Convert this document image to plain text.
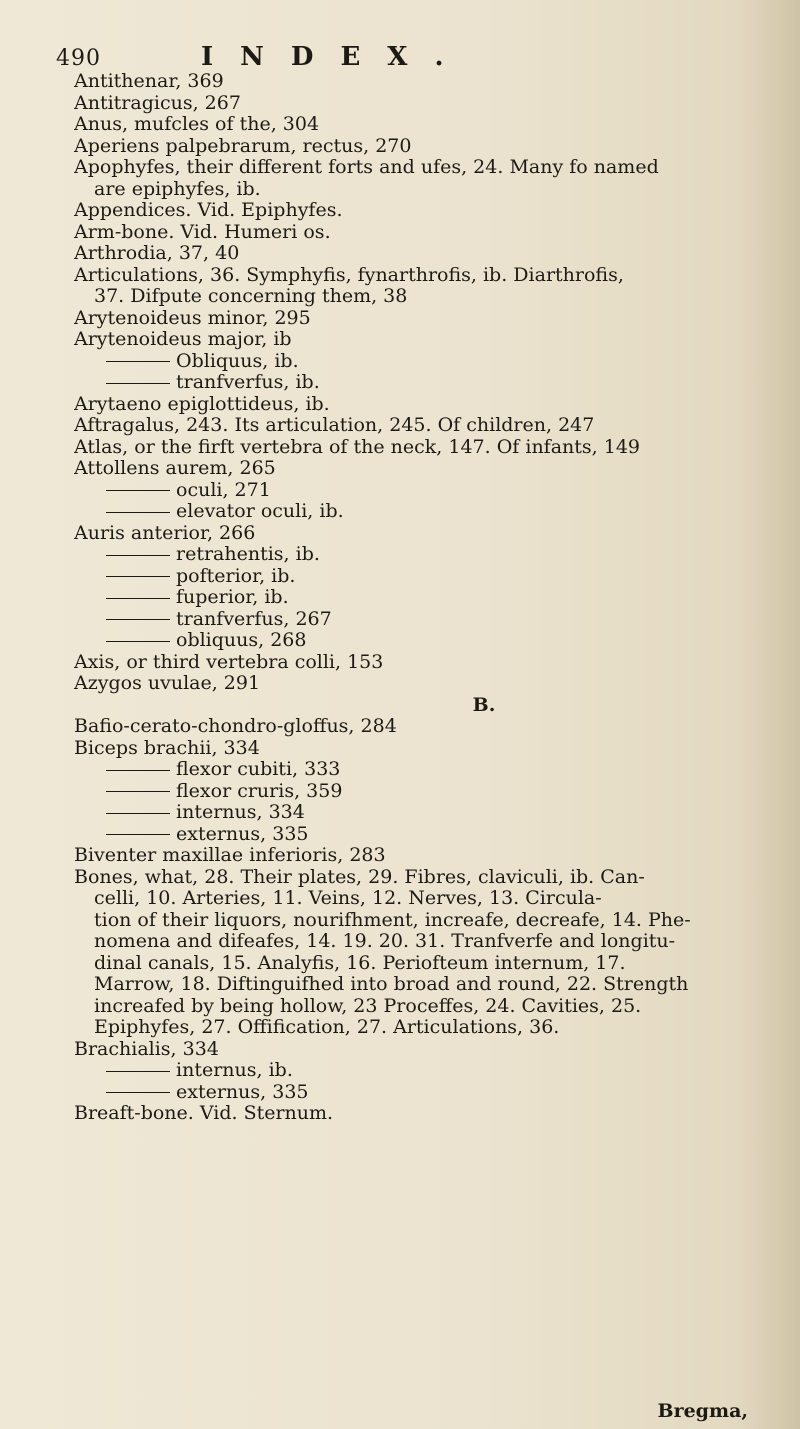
490	INDEX.
Antithenar, 369
Antitragicus, 267
Anus, mufcles of the, 304
Aperiens palpebrarum, rectus, 270
Apophyfes, their different forts and ufes, 24. Many fo named
are epiphyfes, ib.
Appendices. Vid. Epiphyfes.
Arm-bone. Vid. Humeri os.
Arthrodia, 37, 40
Articulations, 36. Symphyfis, fynarthrofis, ib. Diarthrofis,
37. Difpute concerning them, 38
Arytenoideus minor, 295
Arytenoideus major, ib
Obliquus, ib.
tranfverfus, ib.
Arytaeno epiglottideus, ib.
Aftragalus, 243. Its articulation, 245. Of children, 247
Atlas, or the firft vertebra of the neck, 147. Of infants, 149
Attollens aurem, 265
oculi, 271
elevator oculi, ib.
Auris anterior, 266
retrahentis, ib.
pofterior, ib.
fuperior, ib.
tranfverfus, 267
obliquus, 268
Axis, or third vertebra colli, 153
Azygos uvulae, 291
B.
Bafio-cerato-chondro-gloffus, 284
Biceps brachii, 334
flexor cubiti, 333
flexor cruris, 359
internus, 334
externus, 335
Biventer maxillae inferioris, 283
Bones, what, 28. Their plates, 29. Fibres, claviculi, ib. Can-
celli, 10. Arteries, 11. Veins, 12. Nerves, 13. Circula-
tion of their liquors, nourifhment, increafe, decreafe, 14. Phe-
nomena and difeafes, 14. 19. 20. 31. Tranfverfe and longitu-
dinal canals, 15. Analyfis, 16. Periofteum internum, 17.
Marrow, 18. Diftinguifhed into broad and round, 22. Strength
increafed by being hollow, 23 Proceffes, 24. Cavities, 25.
Epiphyfes, 27. Offification, 27. Articulations, 36.
Brachialis, 334
internus, ib.
externus, 335
Breaft-bone. Vid. Sternum.
Bregma,
